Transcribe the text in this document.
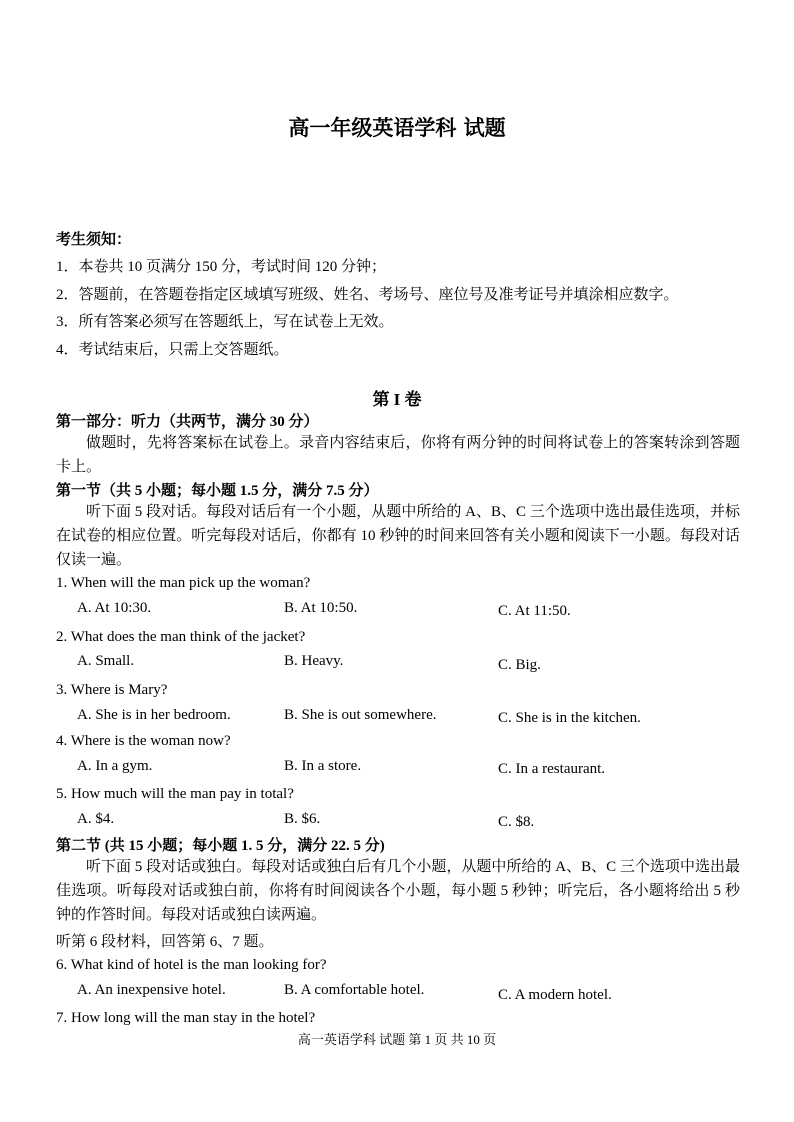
高一年级英语学科 试题
考生须知：
1．本卷共 10 页满分 150 分，考试时间 120 分钟；
2．答题前，在答题卷指定区域填写班级、姓名、考场号、座位号及准考证号并填涂相应数字。
3．所有答案必须写在答题纸上，写在试卷上无效。
4．考试结束后，只需上交答题纸。
第 I 卷
第一部分：听力（共两节，满分 30 分）
做题时，先将答案标在试卷上。录音内容结束后，你将有两分钟的时间将试卷上的答案转涂到答题卡上。
第一节（共 5 小题；每小题 1.5 分，满分 7.5 分）
听下面 5 段对话。每段对话后有一个小题，从题中所给的 A、B、C 三个选项中选出最佳选项，并标在试卷的相应位置。听完每段对话后，你都有 10 秒钟的时间来回答有关小题和阅读下一小题。每段对话仅读一遍。
1. When will the man pick up the woman?
A. At 10:30.	B. At 10:50.	C. At 11:50.
2. What does the man think of the jacket?
A. Small.	B. Heavy.	C. Big.
3. Where is Mary?
A. She is in her bedroom.	B. She is out somewhere.	C. She is in the kitchen.
4. Where is the woman now?
A. In a gym.	B. In a store.	C. In a restaurant.
5. How much will the man pay in total?
A. $4.	B. $6.	C. $8.
第二节 (共 15 小题；每小题 1. 5 分，满分 22. 5 分)
听下面 5 段对话或独白。每段对话或独白后有几个小题，从题中所给的 A、B、C 三个选项中选出最佳选项。听每段对话或独白前，你将有时间阅读各个小题，每小题 5 秒钟；听完后，各小题将给出 5 秒钟的作答时间。每段对话或独白读两遍。
听第 6 段材料，回答第 6、7 题。
6. What kind of hotel is the man looking for?
A. An inexpensive hotel.	B. A comfortable hotel.	C. A modern hotel.
7. How long will the man stay in the hotel?
高一英语学科 试题 第 1 页 共 10 页
